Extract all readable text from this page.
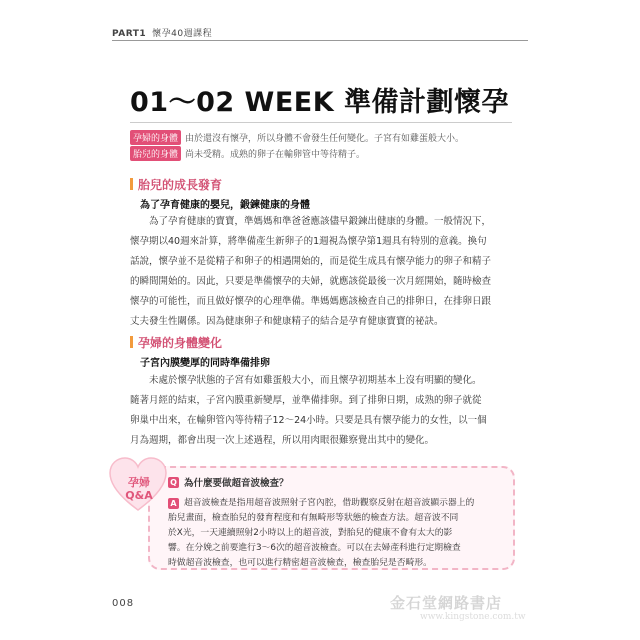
PART1 懷孕40週課程
01～02 WEEK 準備計劃懷孕
孕婦的身體 由於還沒有懷孕，所以身體不會發生任何變化。子宮有如雞蛋般大小。
胎兒的身體 尚未受精。成熟的卵子在輸卵管中等待精子。
胎兒的成長發育
為了孕育健康的嬰兒，鍛鍊健康的身體
　　為了孕育健康的寶寶，準媽媽和準爸爸應該儘早鍛鍊出健康的身體。一般情況下，
懷孕期以40週來計算，將準備產生新卵子的1週視為懷孕第1週具有特別的意義。換句
話說，懷孕並不是從精子和卵子的相遇開始的，而是從生成具有懷孕能力的卵子和精子
的瞬間開始的。因此，只要是準備懷孕的夫婦，就應該從最後一次月經開始，隨時檢查
懷孕的可能性，而且做好懷孕的心理準備。準媽媽應該檢查自己的排卵日，在排卵日跟
丈夫發生性關係。因為健康卵子和健康精子的結合是孕育健康寶寶的祕訣。
孕婦的身體變化
子宮內膜變厚的同時準備排卵
　　未處於懷孕狀態的子宮有如雞蛋般大小，而且懷孕初期基本上沒有明顯的變化。
隨著月經的結束，子宮內膜重新變厚，並準備排卵。到了排卵日期，成熟的卵子就從
卵巢中出來，在輸卵管內等待精子12～24小時。只要是具有懷孕能力的女性，以一個
月為週期，都會出現一次上述過程，所以用肉眼很難察覺出其中的變化。
孕婦
Q&A
Q 為什麼要做超音波檢查？
A 超音波檢查是指用超音波照射子宮內腔，借助觀察反射在超音波顯示器上的
胎兒畫面，檢查胎兒的發育程度和有無畸形等狀態的檢查方法。超音波不同
於X光，一天連續照射2小時以上的超音波，對胎兒的健康不會有太大的影
響。在分娩之前要進行3～6次的超音波檢查。可以在去婦產科進行定期檢查
時做超音波檢查，也可以進行精密超音波檢查，檢查胎兒是否畸形。
008	金石堂網路書店
www.kingstone.com.tw
